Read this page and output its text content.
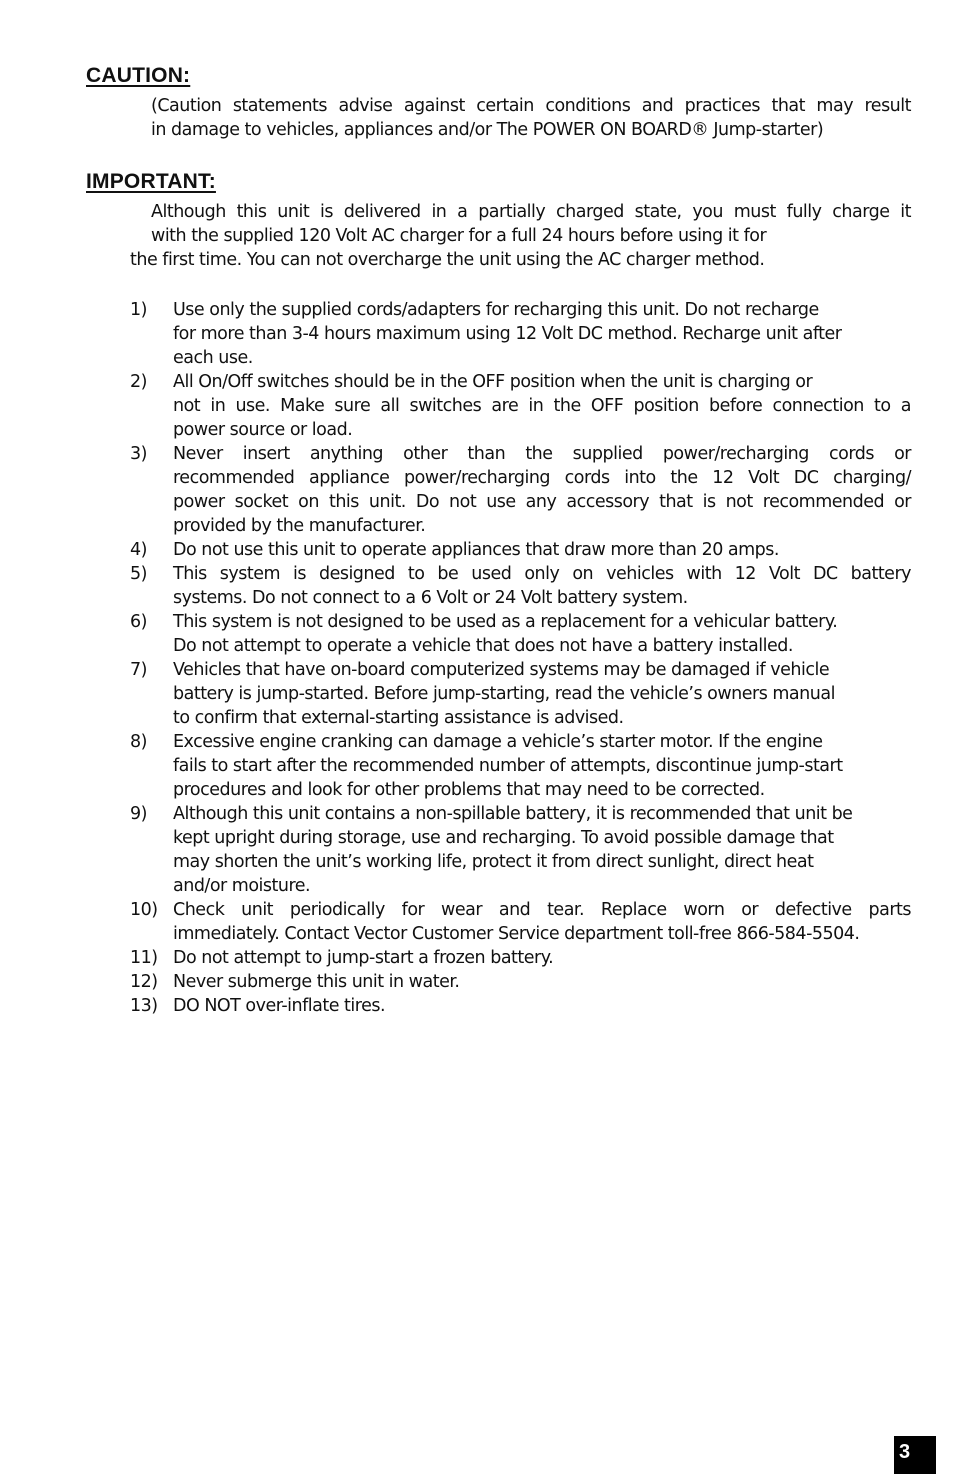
CAUTION:

(Caution statements advise against certain conditions and practices that may result
in damage to vehicles, appliances and/or The POWER ON BOARD® Jump-starter)

IMPORTANT:

Although this unit is delivered in a partially charged state, you must fully charge it
with the supplied 120 Volt AC charger for a full 24 hours before using it for
the first time. You can not overcharge the unit using the AC charger method.

1) Use only the supplied cords/adapters for recharging this unit. Do not recharge
for more than 3-4 hours maximum using 12 Volt DC method. Recharge unit after
each use.
2) All On/Off switches should be in the OFF position when the unit is charging or
not in use. Make sure all switches are in the OFF position before connection to a
power source or load.
3) Never insert anything other than the supplied power/recharging cords or
recommended appliance power/recharging cords into the 12 Volt DC charging/
power socket on this unit. Do not use any accessory that is not recommended or
provided by the manufacturer.
4) Do not use this unit to operate appliances that draw more than 20 amps.
5) This system is designed to be used only on vehicles with 12 Volt DC battery
systems. Do not connect to a 6 Volt or 24 Volt battery system.
6) This system is not designed to be used as a replacement for a vehicular battery.
Do not attempt to operate a vehicle that does not have a battery installed.
7) Vehicles that have on-board computerized systems may be damaged if vehicle
battery is jump-started. Before jump-starting, read the vehicle’s owners manual
to confirm that external-starting assistance is advised.
8) Excessive engine cranking can damage a vehicle’s starter motor. If the engine
fails to start after the recommended number of attempts, discontinue jump-start
procedures and look for other problems that may need to be corrected.
9) Although this unit contains a non-spillable battery, it is recommended that unit be
kept upright during storage, use and recharging. To avoid possible damage that
may shorten the unit’s working life, protect it from direct sunlight, direct heat
and/or moisture.
10) Check unit periodically for wear and tear. Replace worn or defective parts
immediately. Contact Vector Customer Service department toll-free 866-584-5504.
11) Do not attempt to jump-start a frozen battery.
12) Never submerge this unit in water.
13) DO NOT over-inflate tires.
3
